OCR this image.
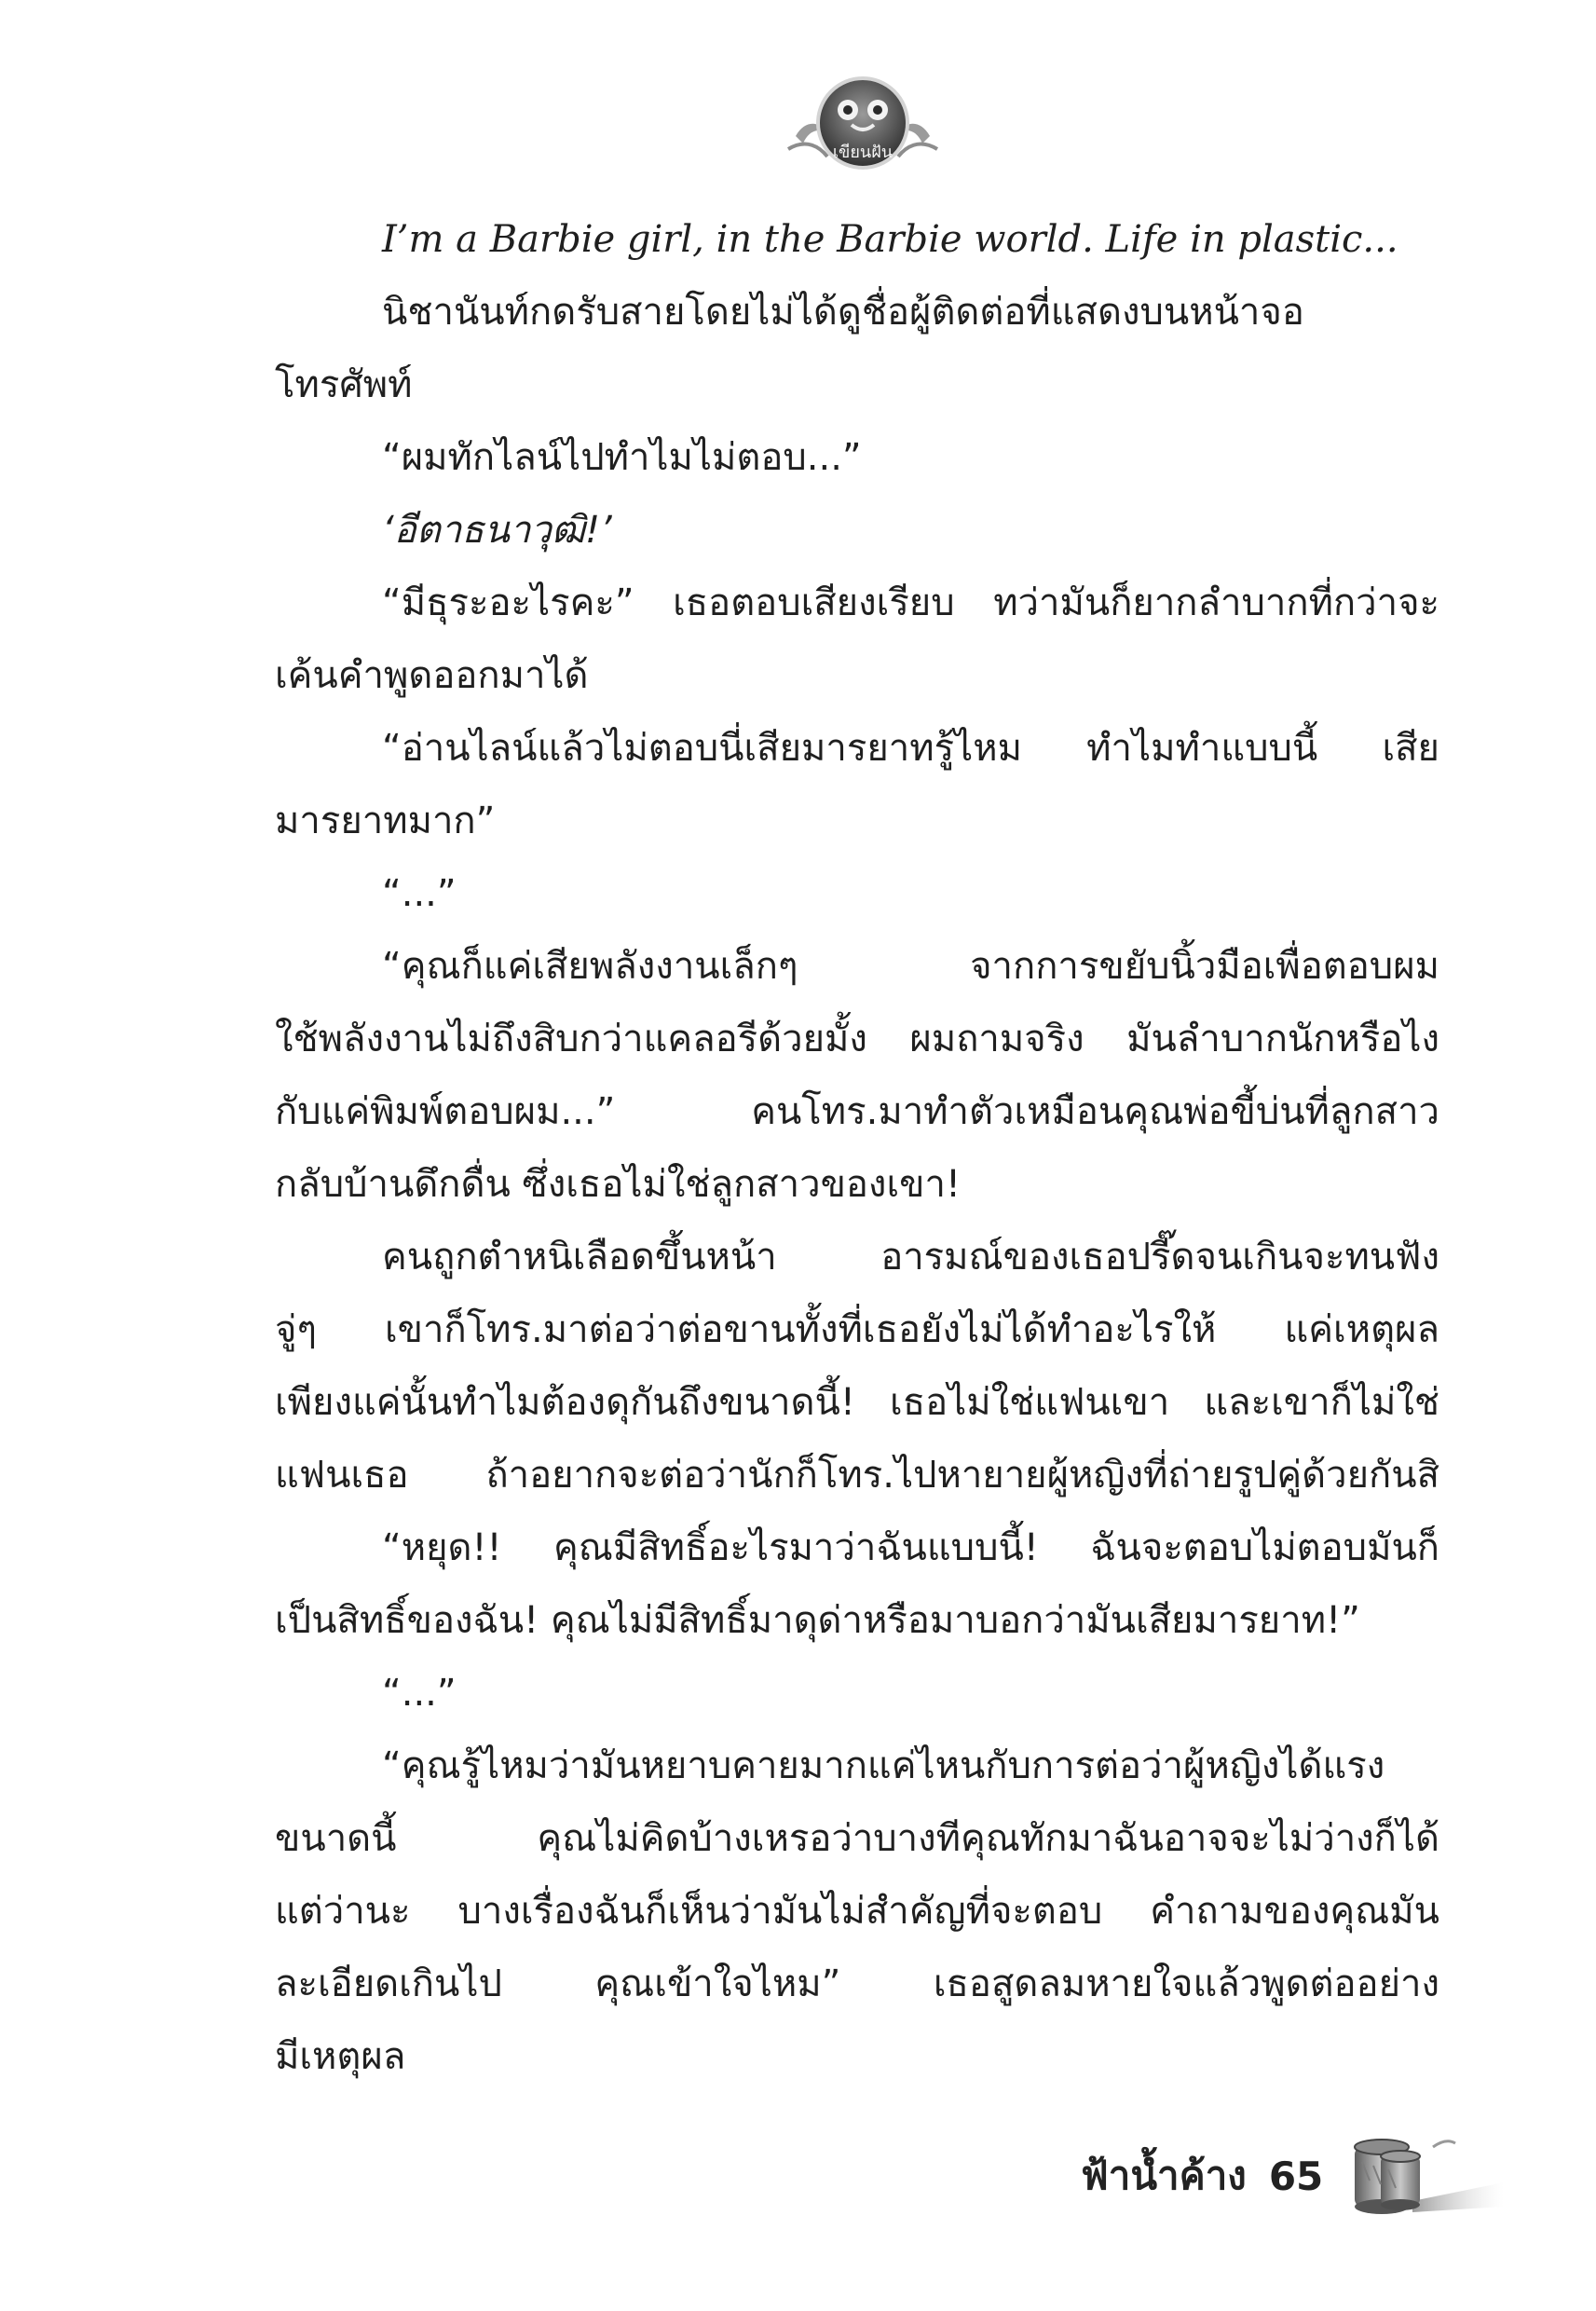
เขียนฝัน
I’m a Barbie girl, in the Barbie world. Life in plastic...
นิชานันท์กดรับสายโดยไม่ได้ดูชื่อผู้ติดต่อที่แสดงบนหน้าจอ
โทรศัพท์
“ผมทักไลน์ไปทำไมไม่ตอบ...”
‘อีตาธนาวุฒิ!’
“มีธุระอะไรคะ” เธอตอบเสียงเรียบ ทว่ามันก็ยากลำบากที่กว่าจะ
เค้นคำพูดออกมาได้
“อ่านไลน์แล้วไม่ตอบนี่เสียมารยาทรู้ไหม ทำไมทำแบบนี้ เสีย
มารยาทมาก”
“...”
“คุณก็แค่เสียพลังงานเล็กๆ จากการขยับนิ้วมือเพื่อตอบผม
ใช้พลังงานไม่ถึงสิบกว่าแคลอรีด้วยมั้ง ผมถามจริง มันลำบากนักหรือไง
กับแค่พิมพ์ตอบผม...” คนโทร.มาทำตัวเหมือนคุณพ่อขี้บ่นที่ลูกสาว
กลับบ้านดึกดื่น ซึ่งเธอไม่ใช่ลูกสาวของเขา!
คนถูกตำหนิเลือดขึ้นหน้า อารมณ์ของเธอปรี๊ดจนเกินจะทนฟัง
จู่ๆ เขาก็โทร.มาต่อว่าต่อขานทั้งที่เธอยังไม่ได้ทำอะไรให้ แค่เหตุผล
เพียงแค่นั้นทำไมต้องดุกันถึงขนาดนี้! เธอไม่ใช่แฟนเขา และเขาก็ไม่ใช่
แฟนเธอ ถ้าอยากจะต่อว่านักก็โทร.ไปหายายผู้หญิงที่ถ่ายรูปคู่ด้วยกันสิ
“หยุด!! คุณมีสิทธิ์อะไรมาว่าฉันแบบนี้! ฉันจะตอบไม่ตอบมันก็
เป็นสิทธิ์ของฉัน! คุณไม่มีสิทธิ์มาดุด่าหรือมาบอกว่ามันเสียมารยาท!”
“...”
“คุณรู้ไหมว่ามันหยาบคายมากแค่ไหนกับการต่อว่าผู้หญิงได้แรง
ขนาดนี้ คุณไม่คิดบ้างเหรอว่าบางทีคุณทักมาฉันอาจจะไม่ว่างก็ได้
แต่ว่านะ บางเรื่องฉันก็เห็นว่ามันไม่สำคัญที่จะตอบ คำถามของคุณมัน
ละเอียดเกินไป คุณเข้าใจไหม” เธอสูดลมหายใจแล้วพูดต่ออย่าง
มีเหตุผล
ฟ้าน้ำค้าง 65
